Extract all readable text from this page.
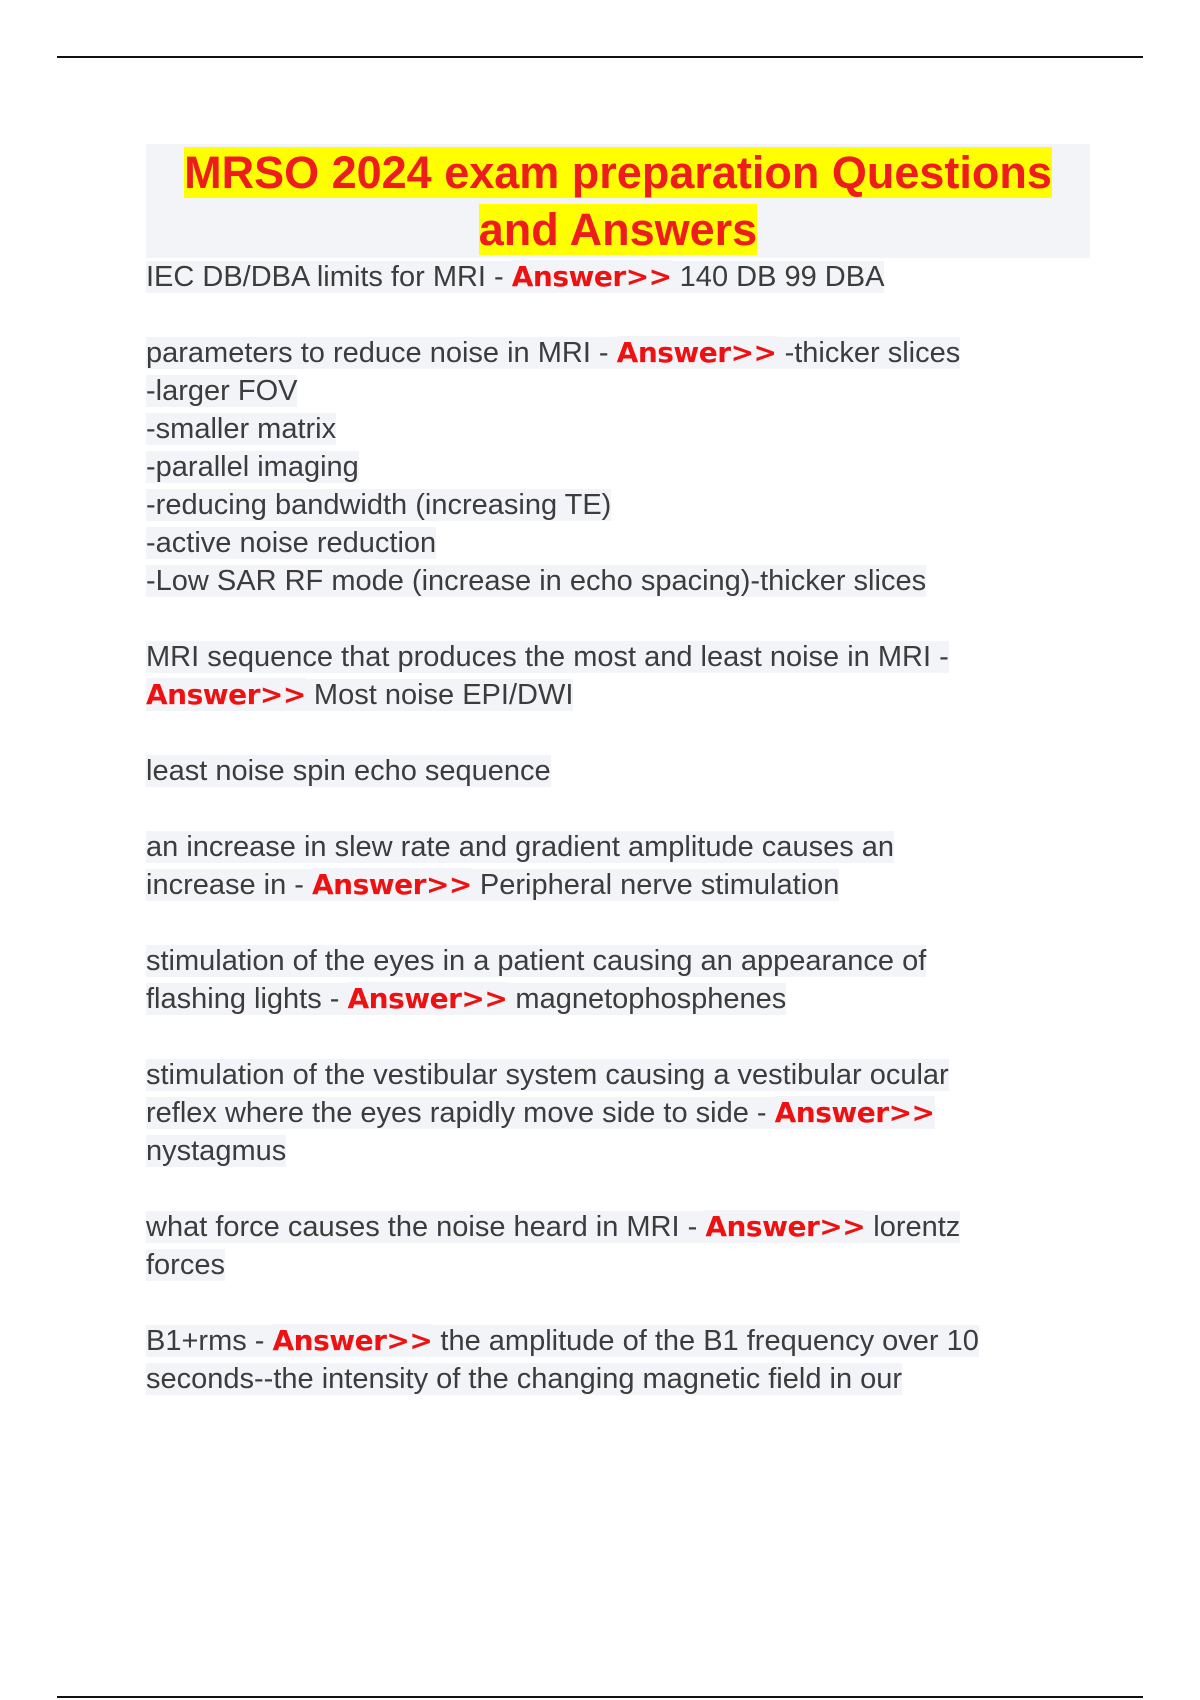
MRSO 2024 exam preparation Questions
and Answers

IEC DB/DBA limits for MRI - Answer>> 140 DB 99 DBA

parameters to reduce noise in MRI - Answer>> -thicker slices
-larger FOV
-smaller matrix
-parallel imaging
-reducing bandwidth (increasing TE)
-active noise reduction
-Low SAR RF mode (increase in echo spacing)-thicker slices

MRI sequence that produces the most and least noise in MRI -
Answer>> Most noise EPI/DWI

least noise spin echo sequence

an increase in slew rate and gradient amplitude causes an
increase in - Answer>> Peripheral nerve stimulation

stimulation of the eyes in a patient causing an appearance of
flashing lights - Answer>> magnetophosphenes

stimulation of the vestibular system causing a vestibular ocular
reflex where the eyes rapidly move side to side - Answer>>
nystagmus

what force causes the noise heard in MRI - Answer>> lorentz
forces

B1+rms - Answer>> the amplitude of the B1 frequency over 10
seconds--the intensity of the changing magnetic field in our
